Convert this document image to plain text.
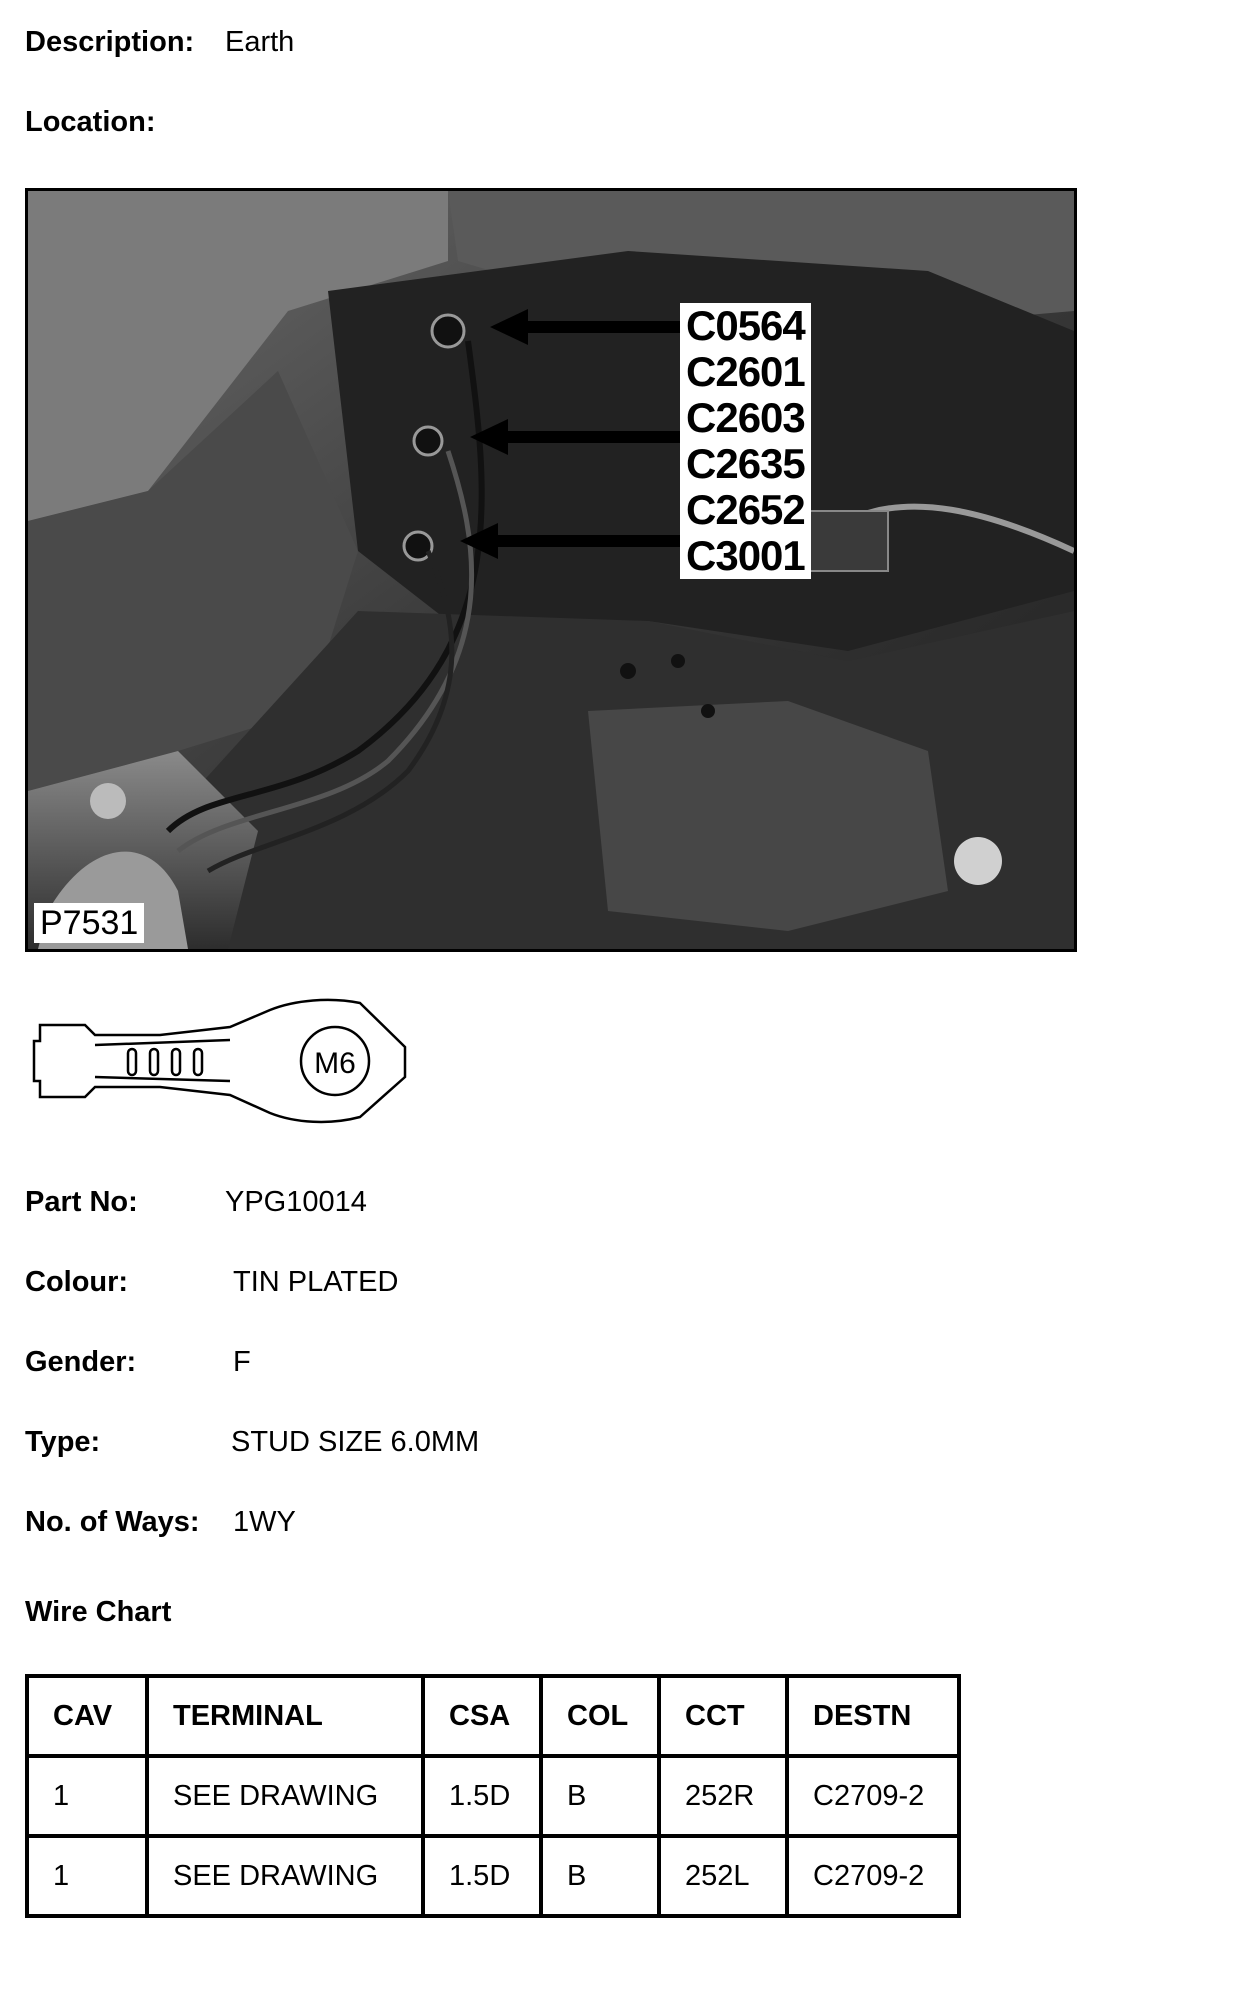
Description: Earth
Location:
C0564
C2601
C2603
C2635
C2652
C3001
P7531
M6
Part No:	YPG10014
Colour:	TIN PLATED
Gender:	F
Type:	STUD SIZE 6.0MM
No. of Ways: 1WY
Wire Chart
CAV	TERMINAL	CSA	COL	CCT	DESTN
1	SEE DRAWING	1.5D	B	252R	C2709-2
1	SEE DRAWING	1.5D	B	252L	C2709-2
